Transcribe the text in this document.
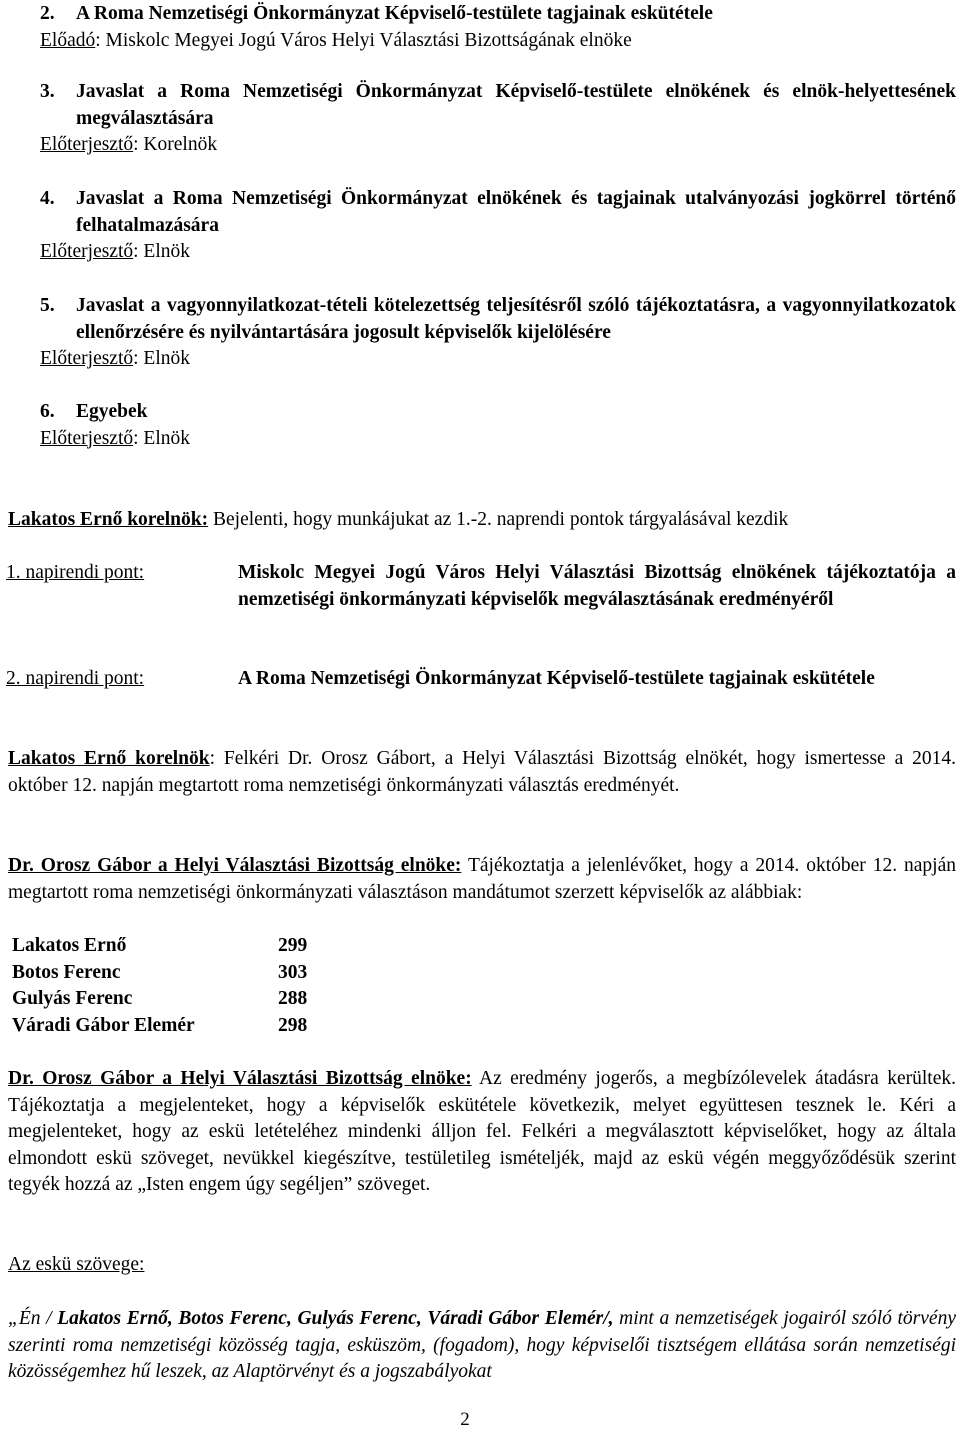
2. A Roma Nemzetiségi Önkormányzat Képviselő-testülete tagjainak eskütétele
Előadó: Miskolc Megyei Jogú Város Helyi Választási Bizottságának elnöke
3. Javaslat a Roma Nemzetiségi Önkormányzat Képviselő-testülete elnökének és elnök-helyettesének megválasztására
Előterjesztő: Korelnök
4. Javaslat a Roma Nemzetiségi Önkormányzat elnökének és tagjainak utalványozási jogkörrel történő felhatalmazására
Előterjesztő: Elnök
5. Javaslat a vagyonnyilatkozat-tételi kötelezettség teljesítésről szóló tájékoztatásra, a vagyonnyilatkozatok ellenőrzésére és nyilvántartására jogosult képviselők kijelölésére
Előterjesztő: Elnök
6. Egyebek
Előterjesztő: Elnök
Lakatos Ernő korelnök: Bejelenti, hogy munkájukat az 1.-2. naprendi pontok tárgyalásával kezdik
1. napirendi pont:	Miskolc Megyei Jogú Város Helyi Választási Bizottság elnökének tájékoztatója a nemzetiségi önkormányzati képviselők megválasztásának eredményéről
2. napirendi pont:	A Roma Nemzetiségi Önkormányzat Képviselő-testülete tagjainak eskütétele
Lakatos Ernő korelnök: Felkéri Dr. Orosz Gábort, a Helyi Választási Bizottság elnökét, hogy ismertesse a 2014. október 12. napján megtartott roma nemzetiségi önkormányzati választás eredményét.
Dr. Orosz Gábor a Helyi Választási Bizottság elnöke: Tájékoztatja a jelenlévőket, hogy a 2014. október 12. napján megtartott roma nemzetiségi önkormányzati választáson mandátumot szerzett képviselők az alábbiak:
Lakatos Ernő	299
Botos Ferenc	303
Gulyás Ferenc	288
Váradi Gábor Elemér	298
Dr. Orosz Gábor a Helyi Választási Bizottság elnöke: Az eredmény jogerős, a megbízólevelek átadásra kerültek. Tájékoztatja a megjelenteket, hogy a képviselők eskütétele következik, melyet együttesen tesznek le. Kéri a megjelenteket, hogy az eskü letételéhez mindenki álljon fel. Felkéri a megválasztott képviselőket, hogy az általa elmondott eskü szöveget, nevükkel kiegészítve, testületileg ismételjék, majd az eskü végén meggyőződésük szerint tegyék hozzá az „Isten engem úgy segéljen” szöveget.
Az eskü szövege:
„Én / Lakatos Ernő, Botos Ferenc, Gulyás Ferenc, Váradi Gábor Elemér/, mint a nemzetiségek jogairól szóló törvény szerinti roma nemzetiségi közösség tagja, esküszöm, (fogadom), hogy képviselői tisztségem ellátása során nemzetiségi közösségemhez hű leszek, az Alaptörvényt és a jogszabályokat
2
